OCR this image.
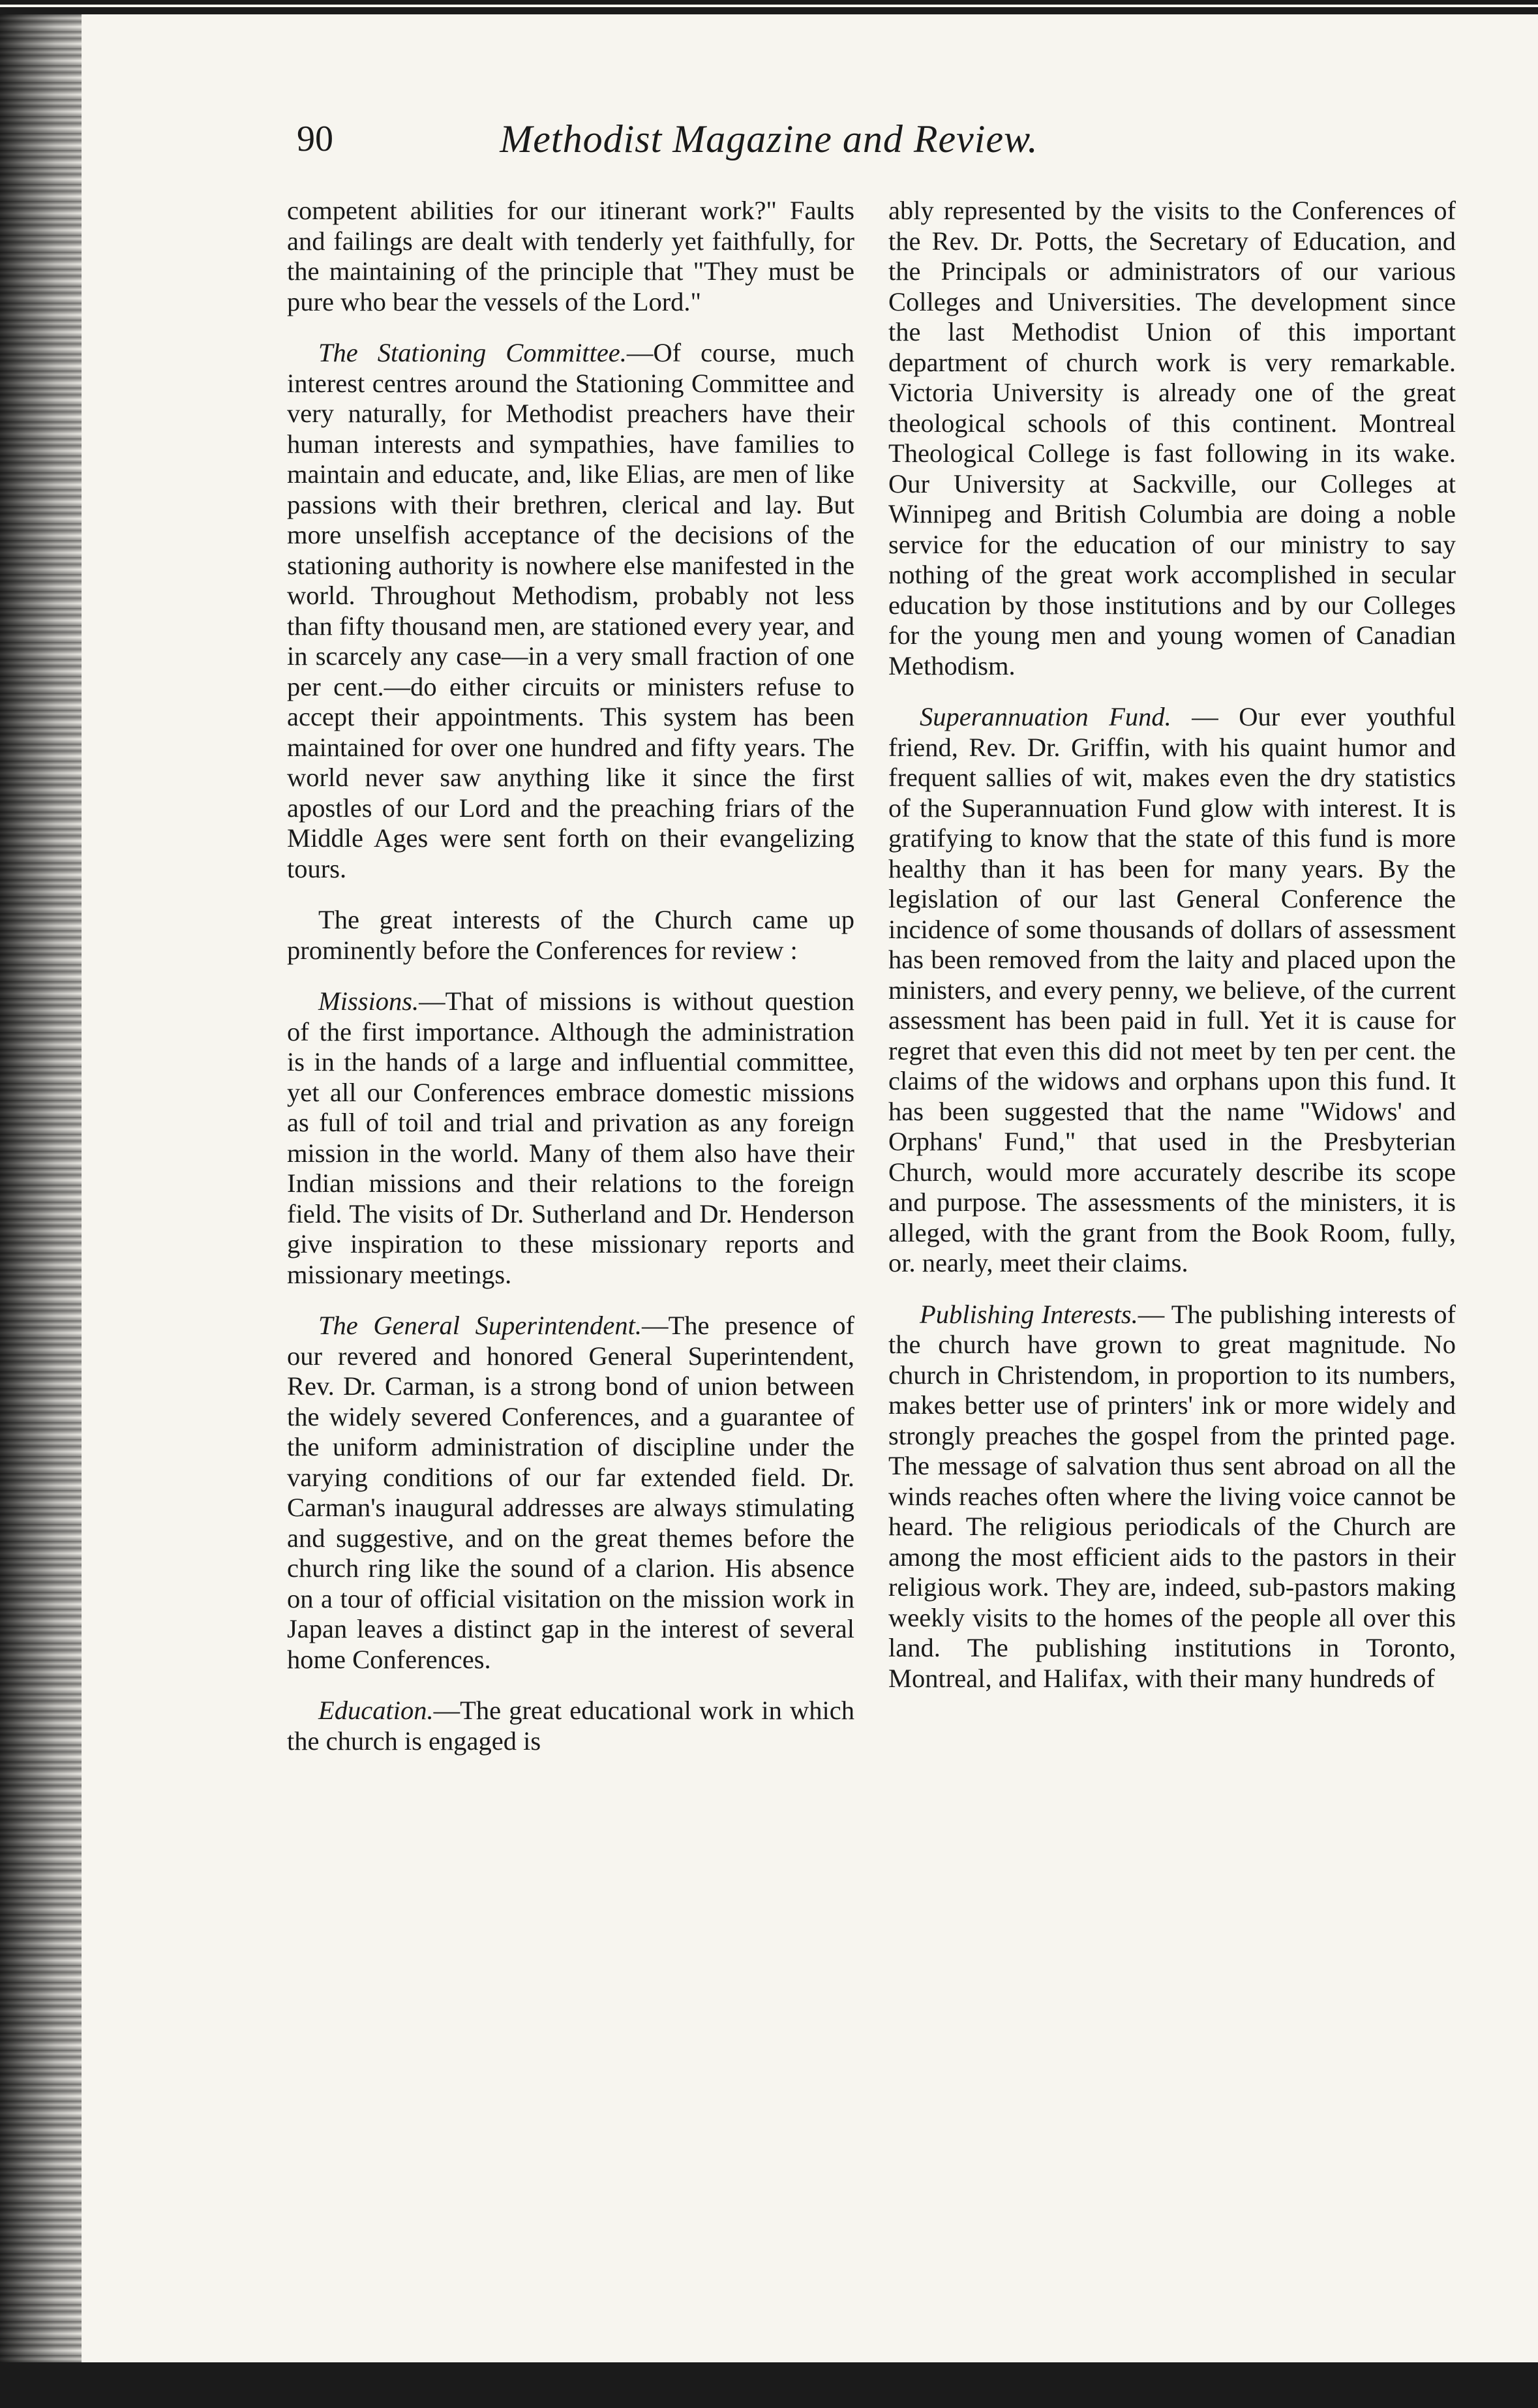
Methodist Magazine and Review.
90

competent abilities for our itinerant work?" Faults and failings are dealt with tenderly yet faithfully, for the maintaining of the principle that "They must be pure who bear the vessels of the Lord."

The Stationing Committee.—Of course, much interest centres around the Stationing Committee and very naturally, for Methodist preachers have their human interests and sympathies, have families to maintain and educate, and, like Elias, are men of like passions with their brethren, clerical and lay. But more unselfish acceptance of the decisions of the stationing authority is nowhere else manifested in the world. Throughout Methodism, probably not less than fifty thousand men, are stationed every year, and in scarcely any case—in a very small fraction of one per cent.—do either circuits or ministers refuse to accept their appointments. This system has been maintained for over one hundred and fifty years. The world never saw anything like it since the first apostles of our Lord and the preaching friars of the Middle Ages were sent forth on their evangelizing tours.

The great interests of the Church came up prominently before the Conferences for review :

Missions.—That of missions is without question of the first importance. Although the administration is in the hands of a large and influential committee, yet all our Conferences embrace domestic missions as full of toil and trial and privation as any foreign mission in the world. Many of them also have their Indian missions and their relations to the foreign field. The visits of Dr. Sutherland and Dr. Henderson give inspiration to these missionary reports and missionary meetings.

The General Superintendent.—The presence of our revered and honored General Superintendent, Rev. Dr. Carman, is a strong bond of union between the widely severed Conferences, and a guarantee of the uniform administration of discipline under the varying conditions of our far extended field. Dr. Carman's inaugural addresses are always stimulating and suggestive, and on the great themes before the church ring like the sound of a clarion. His absence on a tour of official visitation on the mission work in Japan leaves a distinct gap in the interest of several home Conferences.

Education.—The great educational work in which the church is engaged is

ably represented by the visits to the Conferences of the Rev. Dr. Potts, the Secretary of Education, and the Principals or administrators of our various Colleges and Universities. The development since the last Methodist Union of this important department of church work is very remarkable. Victoria University is already one of the great theological schools of this continent. Montreal Theological College is fast following in its wake. Our University at Sackville, our Colleges at Winnipeg and British Columbia are doing a noble service for the education of our ministry to say nothing of the great work accomplished in secular education by those institutions and by our Colleges for the young men and young women of Canadian Methodism.

Superannuation Fund. — Our ever youthful friend, Rev. Dr. Griffin, with his quaint humor and frequent sallies of wit, makes even the dry statistics of the Superannuation Fund glow with interest. It is gratifying to know that the state of this fund is more healthy than it has been for many years. By the legislation of our last General Conference the incidence of some thousands of dollars of assessment has been removed from the laity and placed upon the ministers, and every penny, we believe, of the current assessment has been paid in full. Yet it is cause for regret that even this did not meet by ten per cent. the claims of the widows and orphans upon this fund. It has been suggested that the name "Widows' and Orphans' Fund," that used in the Presbyterian Church, would more accurately describe its scope and purpose. The assessments of the ministers, it is alleged, with the grant from the Book Room, fully, or. nearly, meet their claims.

Publishing Interests.— The publishing interests of the church have grown to great magnitude. No church in Christendom, in proportion to its numbers, makes better use of printers' ink or more widely and strongly preaches the gospel from the printed page. The message of salvation thus sent abroad on all the winds reaches often where the living voice cannot be heard. The religious periodicals of the Church are among the most efficient aids to the pastors in their religious work. They are, indeed, sub-pastors making weekly visits to the homes of the people all over this land. The publishing institutions in Toronto, Montreal, and Halifax, with their many hundreds of
